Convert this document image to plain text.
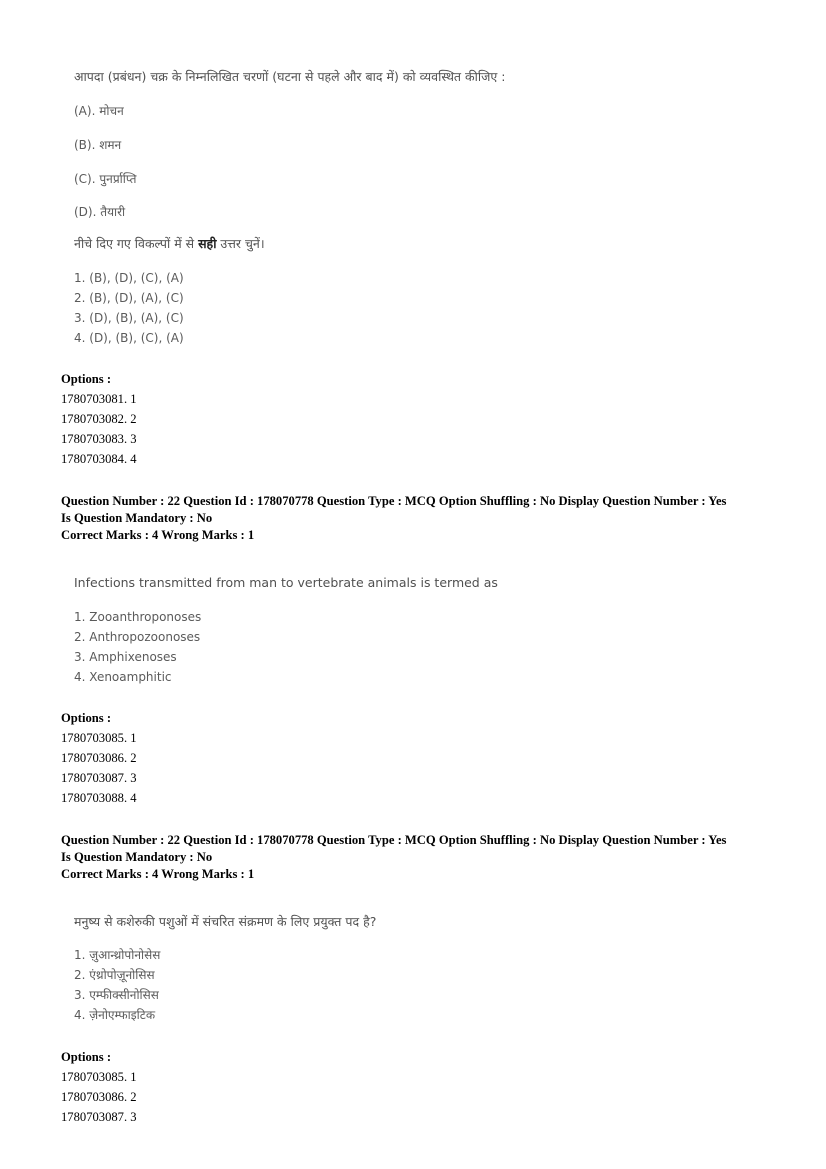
आपदा (प्रबंधन) चक्र के निम्नलिखित चरणों (घटना से पहले और बाद में) को व्यवस्थित कीजिए :
(A). मोचन
(B). शमन
(C). पुनर्प्राप्ति
(D). तैयारी
नीचे दिए गए विकल्पों में से सही उत्तर चुनें।
1. (B), (D), (C), (A)
2. (B), (D), (A), (C)
3. (D), (B), (A), (C)
4. (D), (B), (C), (A)
Options :
1780703081. 1
1780703082. 2
1780703083. 3
1780703084. 4
Question Number : 22 Question Id : 178070778 Question Type : MCQ Option Shuffling : No Display Question Number : Yes
Is Question Mandatory : No
Correct Marks : 4 Wrong Marks : 1
Infections transmitted from man to vertebrate animals is termed as
1. Zooanthroponoses
2. Anthropozoonoses
3. Amphixenoses
4. Xenoamphitic
Options :
1780703085. 1
1780703086. 2
1780703087. 3
1780703088. 4
Question Number : 22 Question Id : 178070778 Question Type : MCQ Option Shuffling : No Display Question Number : Yes
Is Question Mandatory : No
Correct Marks : 4 Wrong Marks : 1
मनुष्य से कशेरुकी पशुओं में संचरित संक्रमण के लिए प्रयुक्त पद है?
1. ज़ुआन्थ्रोपोनोसेस
2. एंथ्रोपोज़ूनोसिस
3. एम्फीक्सीनोसिस
4. ज़ेनोएम्फाइटिक
Options :
1780703085. 1
1780703086. 2
1780703087. 3
